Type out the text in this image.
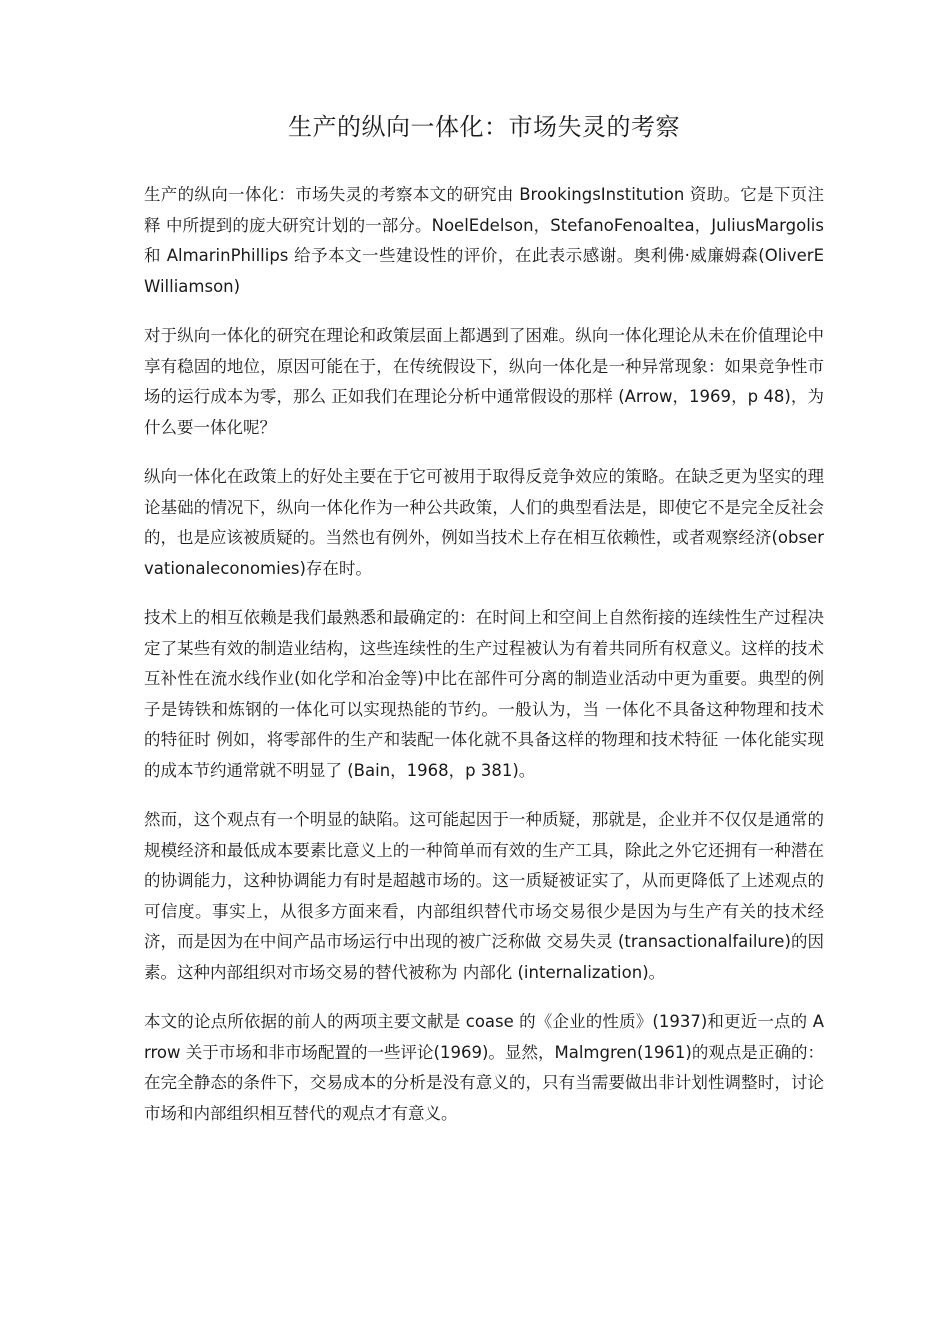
生产的纵向一体化：市场失灵的考察

生产的纵向一体化：市场失灵的考察本文的研究由 BrookingsInstitution 资助。它是下页注释 中所提到的庞大研究计划的一部分。NoelEdelson，StefanoFenoaltea，JuliusMargolis 和 AlmarinPhillips 给予本文一些建设性的评价，在此表示感谢。奥利佛·威廉姆森(OliverEWilliamson)

对于纵向一体化的研究在理论和政策层面上都遇到了困难。纵向一体化理论从未在价值理论中享有稳固的地位，原因可能在于，在传统假设下，纵向一体化是一种异常现象：如果竞争性市场的运行成本为零，那么 正如我们在理论分析中通常假设的那样 (Arrow，1969，p 48)，为什么要一体化呢？

纵向一体化在政策上的好处主要在于它可被用于取得反竞争效应的策略。在缺乏更为坚实的理论基础的情况下，纵向一体化作为一种公共政策，人们的典型看法是，即使它不是完全反社会的，也是应该被质疑的。当然也有例外，例如当技术上存在相互依赖性，或者观察经济(observationaleconomies)存在时。

技术上的相互依赖是我们最熟悉和最确定的：在时间上和空间上自然衔接的连续性生产过程决定了某些有效的制造业结构，这些连续性的生产过程被认为有着共同所有权意义。这样的技术互补性在流水线作业(如化学和冶金等)中比在部件可分离的制造业活动中更为重要。典型的例子是铸铁和炼钢的一体化可以实现热能的节约。一般认为，当 一体化不具备这种物理和技术的特征时 例如，将零部件的生产和装配一体化就不具备这样的物理和技术特征 一体化能实现的成本节约通常就不明显了 (Bain，1968，p 381)。

然而，这个观点有一个明显的缺陷。这可能起因于一种质疑，那就是，企业并不仅仅是通常的规模经济和最低成本要素比意义上的一种简单而有效的生产工具，除此之外它还拥有一种潜在的协调能力，这种协调能力有时是超越市场的。这一质疑被证实了，从而更降低了上述观点的可信度。事实上，从很多方面来看，内部组织替代市场交易很少是因为与生产有关的技术经济，而是因为在中间产品市场运行中出现的被广泛称做 交易失灵 (transactionalfailure)的因素。这种内部组织对市场交易的替代被称为 内部化 (internalization)。

本文的论点所依据的前人的两项主要文献是 coase 的《企业的性质》(1937)和更近一点的 Arrow 关于市场和非市场配置的一些评论(1969)。显然，Malmgren(1961)的观点是正确的：在完全静态的条件下，交易成本的分析是没有意义的，只有当需要做出非计划性调整时，讨论市场和内部组织相互替代的观点才有意义。
